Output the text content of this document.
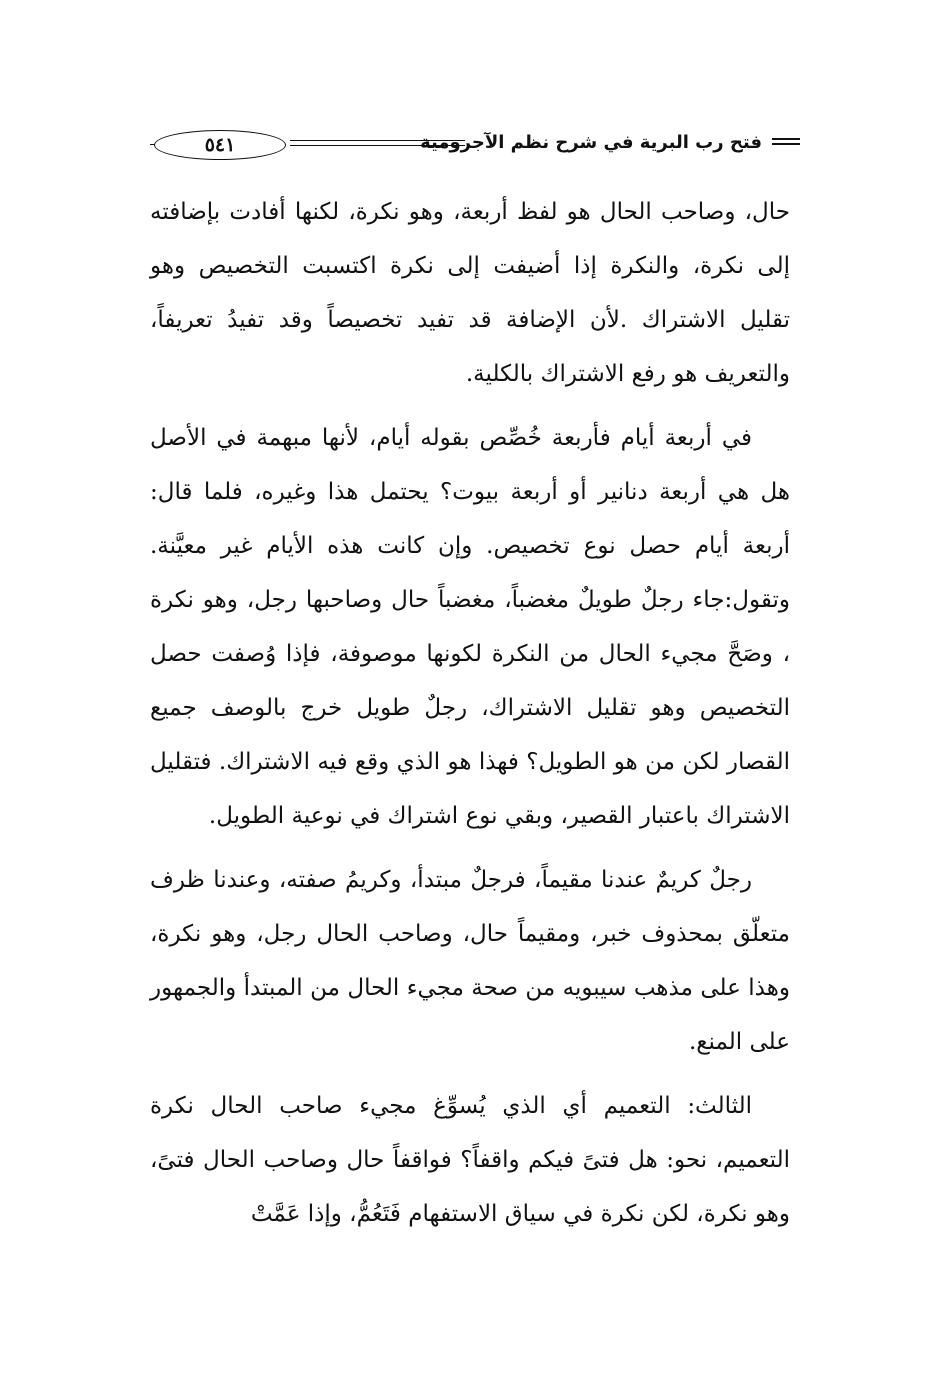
فتح رب البرية في شرح نظم الآجرومية
٥٤١

حال، وصاحب الحال هو لفظ أربعة، وهو نكرة، لكنها أفادت بإضافته إلى نكرة، والنكرة إذا أضيفت إلى نكرة اكتسبت التخصيص وهو تقليل الاشتراك .لأن الإضافة قد تفيد تخصيصاً وقد تفيدُ تعريفاً، والتعريف هو رفع الاشتراك بالكلية.

في أربعة أيام فأربعة خُصِّص بقوله أيام، لأنها مبهمة في الأصل هل هي أربعة دنانير أو أربعة بيوت؟ يحتمل هذا وغيره، فلما قال: أربعة أيام حصل نوع تخصيص. وإن كانت هذه الأيام غير معيَّنة. وتقول:جاء رجلٌ طويلٌ مغضباً، مغضباً حال وصاحبها رجل، وهو نكرة ، وصَحَّ مجيء الحال من النكرة لكونها موصوفة، فإذا وُصفت حصل التخصيص وهو تقليل الاشتراك، رجلٌ طويل خرج بالوصف جميع القصار لكن من هو الطويل؟ فهذا هو الذي وقع فيه الاشتراك. فتقليل الاشتراك باعتبار القصير، وبقي نوع اشتراك في نوعية الطويل.

رجلٌ كريمٌ عندنا مقيماً، فرجلٌ مبتدأ، وكريمُ صفته، وعندنا ظرف متعلّق بمحذوف خبر، ومقيماً حال، وصاحب الحال رجل، وهو نكرة، وهذا على مذهب سيبويه من صحة مجيء الحال من المبتدأ والجمهور على المنع.

الثالث: التعميم أي الذي يُسوِّغ مجيء صاحب الحال نكرة التعميم، نحو: هل فتىً فيكم واقفاً؟ فواقفاً حال وصاحب الحال فتىً، وهو نكرة، لكن نكرة في سياق الاستفهام فَتَعُمُّ، وإذا عَمَّتْ
